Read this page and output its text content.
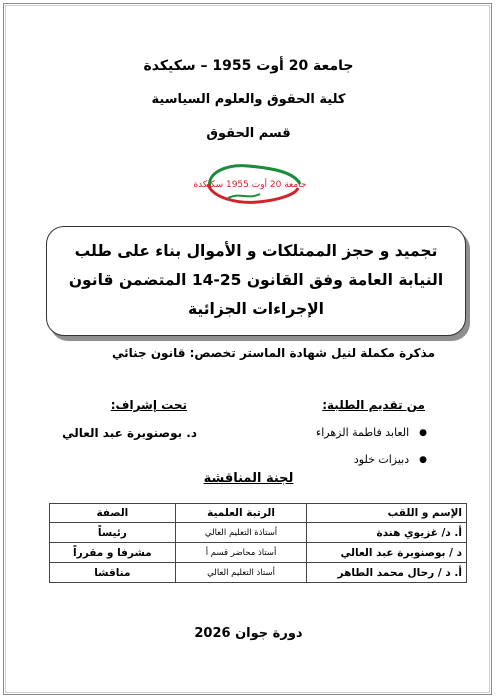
جامعة 20 أوت 1955 – سكيكدة
كلية الحقوق والعلوم السياسية
قسم الحقوق
جامعة 20 أوت 1955 سكيكدة
تجميد و حجز الممتلكات و الأموال بناء على طلب
النيابة العامة وفق القانون 25-14 المتضمن قانون
الإجراءات الجزائية
مذكرة مكملة لنيل شهادة الماستر تخصص: قانون جنائي
من تقديم الطلبة:
تحت إشراف:
●العابد فاطمة الزهراء
●دبيزات خلود
د. بوصنوبرة عبد العالي
لجنة المناقشة
الإسم و اللقب	الرتبة العلمية	الصفة
أ. د/ غزيوي هندة	أستاذة التعليم العالي	رئيساً
د / بوصنوبرة عبد العالي	أستاذ محاضر قسم أ	مشرفا و مقرراً
أ. د / رحال محمد الطاهر	أستاذ التعليم العالي	مناقشا
دورة جوان 2026
